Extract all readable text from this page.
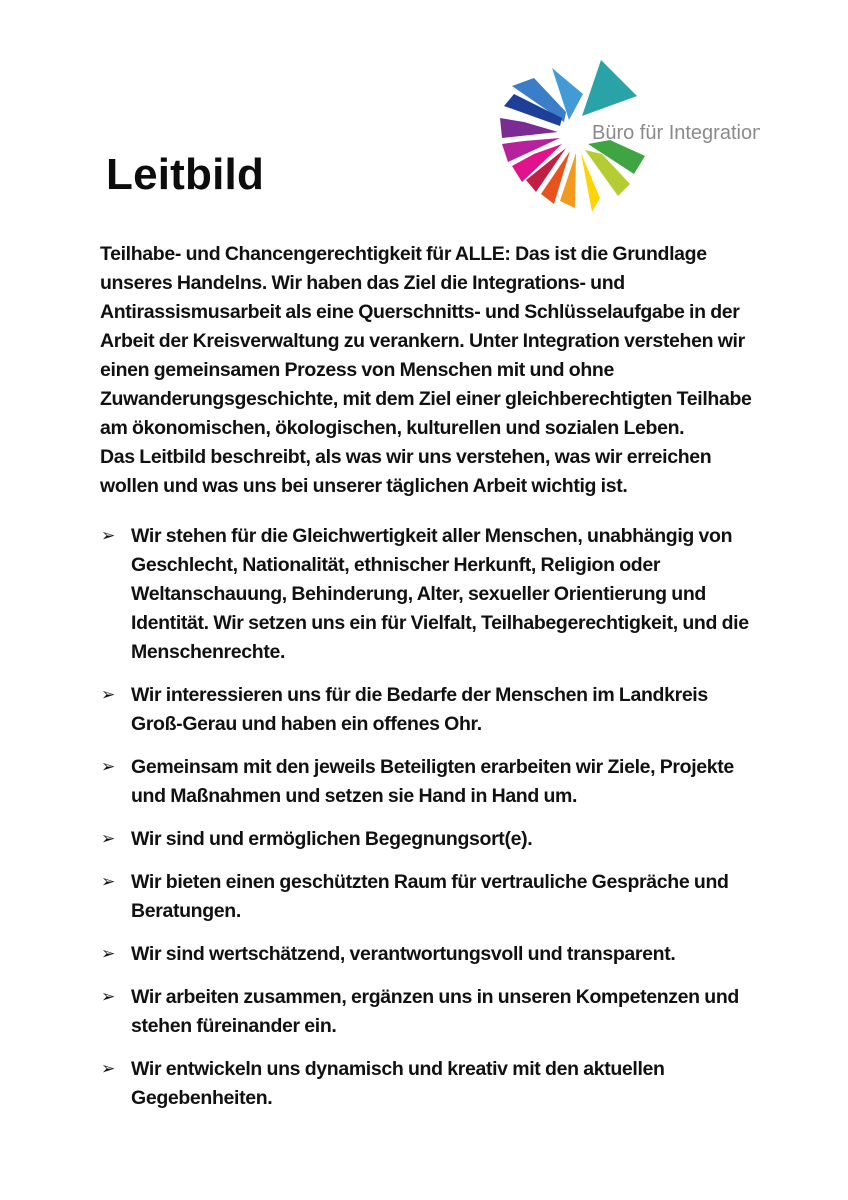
Büro für Integration
Leitbild

Teilhabe- und Chancengerechtigkeit für ALLE: Das ist die Grundlage unseres Handelns. Wir haben das Ziel die Integrations- und Antirassismusarbeit als eine Querschnitts- und Schlüsselaufgabe in der Arbeit der Kreisverwaltung zu verankern. Unter Integration verstehen wir einen gemeinsamen Prozess von Menschen mit und ohne Zuwanderungsgeschichte, mit dem Ziel einer gleichberechtigten Teilhabe am ökonomischen, ökologischen, kulturellen und sozialen Leben.

Das Leitbild beschreibt, als was wir uns verstehen, was wir erreichen wollen und was uns bei unserer täglichen Arbeit wichtig ist.

➢ Wir stehen für die Gleichwertigkeit aller Menschen, unabhängig von Geschlecht, Nationalität, ethnischer Herkunft, Religion oder Weltanschauung, Behinderung, Alter, sexueller Orientierung und Identität. Wir setzen uns ein für Vielfalt, Teilhabegerechtigkeit, und die Menschenrechte.
➢ Wir interessieren uns für die Bedarfe der Menschen im Landkreis Groß-Gerau und haben ein offenes Ohr.
➢ Gemeinsam mit den jeweils Beteiligten erarbeiten wir Ziele, Projekte und Maßnahmen und setzen sie Hand in Hand um.
➢ Wir sind und ermöglichen Begegnungsort(e).
➢ Wir bieten einen geschützten Raum für vertrauliche Gespräche und Beratungen.
➢ Wir sind wertschätzend, verantwortungsvoll und transparent.
➢ Wir arbeiten zusammen, ergänzen uns in unseren Kompetenzen und stehen füreinander ein.
➢ Wir entwickeln uns dynamisch und kreativ mit den aktuellen Gegebenheiten.
